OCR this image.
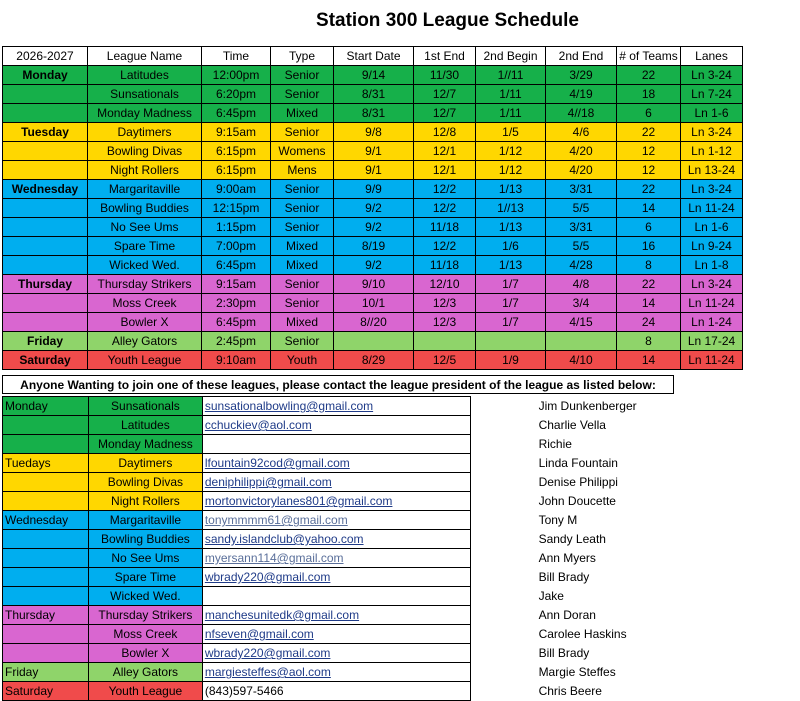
Station 300 League Schedule
2026-2027	League Name	Time	Type	Start Date	1st End	2nd Begin	2nd End	# of Teams	Lanes
Monday	Latitudes	12:00pm	Senior	9/14	11/30	1//11	3/29	22	Ln 3-24
	Sunsationals	6:20pm	Senior	8/31	12/7	1/11	4/19	18	Ln 7-24
	Monday Madness	6:45pm	Mixed	8/31	12/7	1/11	4//18	6	Ln 1-6
Tuesday	Daytimers	9:15am	Senior	9/8	12/8	1/5	4/6	22	Ln 3-24
	Bowling Divas	6:15pm	Womens	9/1	12/1	1/12	4/20	12	Ln 1-12
	Night Rollers	6:15pm	Mens	9/1	12/1	1/12	4/20	12	Ln 13-24
Wednesday	Margaritaville	9:00am	Senior	9/9	12/2	1/13	3/31	22	Ln 3-24
	Bowling Buddies	12:15pm	Senior	9/2	12/2	1//13	5/5	14	Ln 11-24
	No See Ums	1:15pm	Senior	9/2	11/18	1/13	3/31	6	Ln 1-6
	Spare Time	7:00pm	Mixed	8/19	12/2	1/6	5/5	16	Ln 9-24
	Wicked Wed.	6:45pm	Mixed	9/2	11/18	1/13	4/28	8	Ln 1-8
Thursday	Thursday Strikers	9:15am	Senior	9/10	12/10	1/7	4/8	22	Ln 3-24
	Moss Creek	2:30pm	Senior	10/1	12/3	1/7	3/4	14	Ln 11-24
	Bowler X	6:45pm	Mixed	8//20	12/3	1/7	4/15	24	Ln 1-24
Friday	Alley Gators	2:45pm	Senior					8	Ln 17-24
Saturday	Youth League	9:10am	Youth	8/29	12/5	1/9	4/10	14	Ln 11-24
Anyone Wanting to join one of these leagues, please contact the league president of the league as listed below:
Monday	Sunsationals	sunsationalbowling@gmail.com	Jim Dunkenberger
	Latitudes	cchuckiev@aol.com	Charlie Vella
	Monday Madness		Richie
Tuedays	Daytimers	lfountain92cod@gmail.com	Linda Fountain
	Bowling Divas	deniphilippi@gmail.com	Denise Philippi
	Night Rollers	mortonvictorylanes801@gmail.com	John Doucette
Wednesday	Margaritaville	tonymmmm61@gmail.com	Tony M
	Bowling Buddies	sandy.islandclub@yahoo.com	Sandy Leath
	No See Ums	myersann114@gmail.com	Ann Myers
	Spare Time	wbrady220@gmail.com	Bill Brady
	Wicked Wed.		Jake
Thursday	Thursday Strikers	manchesunitedk@gmail.com	Ann Doran
	Moss Creek	nfseven@gmail.com	Carolee Haskins
	Bowler X	wbrady220@gmail.com	Bill Brady
Friday	Alley Gators	margiesteffes@aol.com	Margie Steffes
Saturday	Youth League	(843)597-5466	Chris Beere
